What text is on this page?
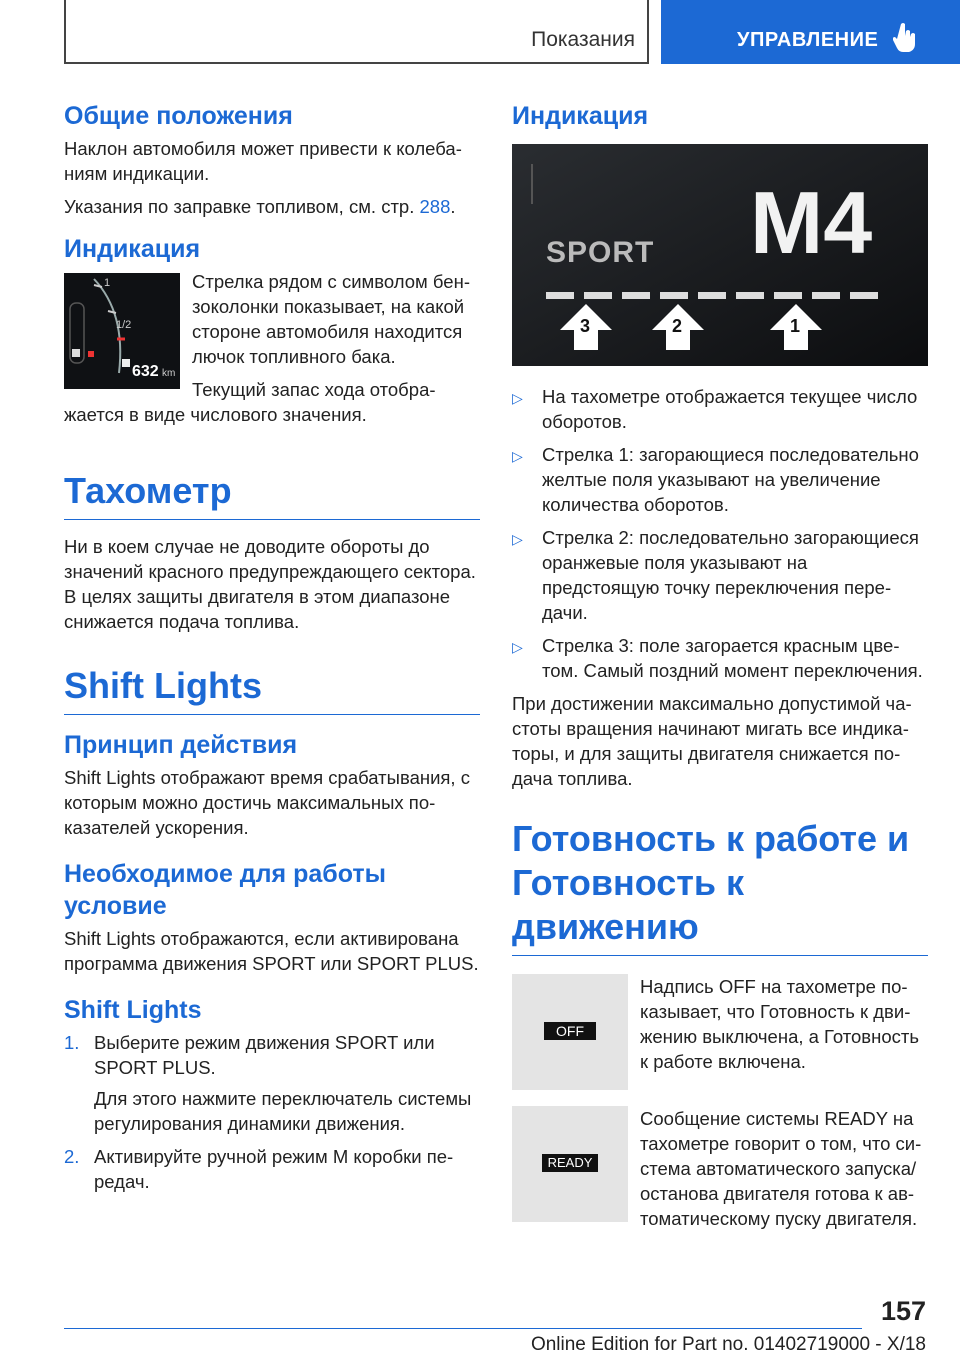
Показания	УПРАВЛЕНИЕ
Общие положения

Наклон автомобиля может привести к колебаниям индикации.

Указания по заправке топливом, см. стр. 288.

Индикация
1
1/2
632 km

Стрелка рядом с символом бензоколонки показывает, на какой стороне автомобиля находится лючок топливного бака.

Текущий запас хода отображается в виде числового значения.

Тахометр

Ни в коем случае не доводите обороты до значений красного предупреждающего сектора. В целях защиты двигателя в этом диапазоне снижается подача топлива.

Shift Lights
Принцип действия

Shift Lights отображают время срабатывания, с которым можно достичь максимальных показателей ускорения.

Необходимое для работы условие

Shift Lights отображаются, если активирована программа движения SPORT или SPORT PLUS.

Shift Lights
1. Выберите режим движения SPORT или SPORT PLUS.

Для этого нажмите переключатель системы регулирования динамики движения.

2. Активируйте ручной режим M коробки передач.

Индикация
SPORT M4
3	2	1
▷ На тахометре отображается текущее число оборотов.
▷ Стрелка 1: загорающиеся последовательно желтые поля указывают на увеличение количества оборотов.
▷ Стрелка 2: последовательно загорающиеся оранжевые поля указывают на предстоящую точку переключения передачи.
▷ Стрелка 3: поле загорается красным цветом. Самый поздний момент переключения.

При достижении максимально допустимой частоты вращения начинают мигать все индикаторы, и для защиты двигателя снижается подача топлива.

Готовность к работе и Готовность к движению
OFF

Надпись OFF на тахометре показывает, что Готовность к движению выключена, а Готовность к работе включена.

READY

Сообщение системы READY на тахометре говорит о том, что система автоматического запуска/ останова двигателя готова к автоматическому пуску двигателя.

157
Online Edition for Part no. 01402719000 - X/18
